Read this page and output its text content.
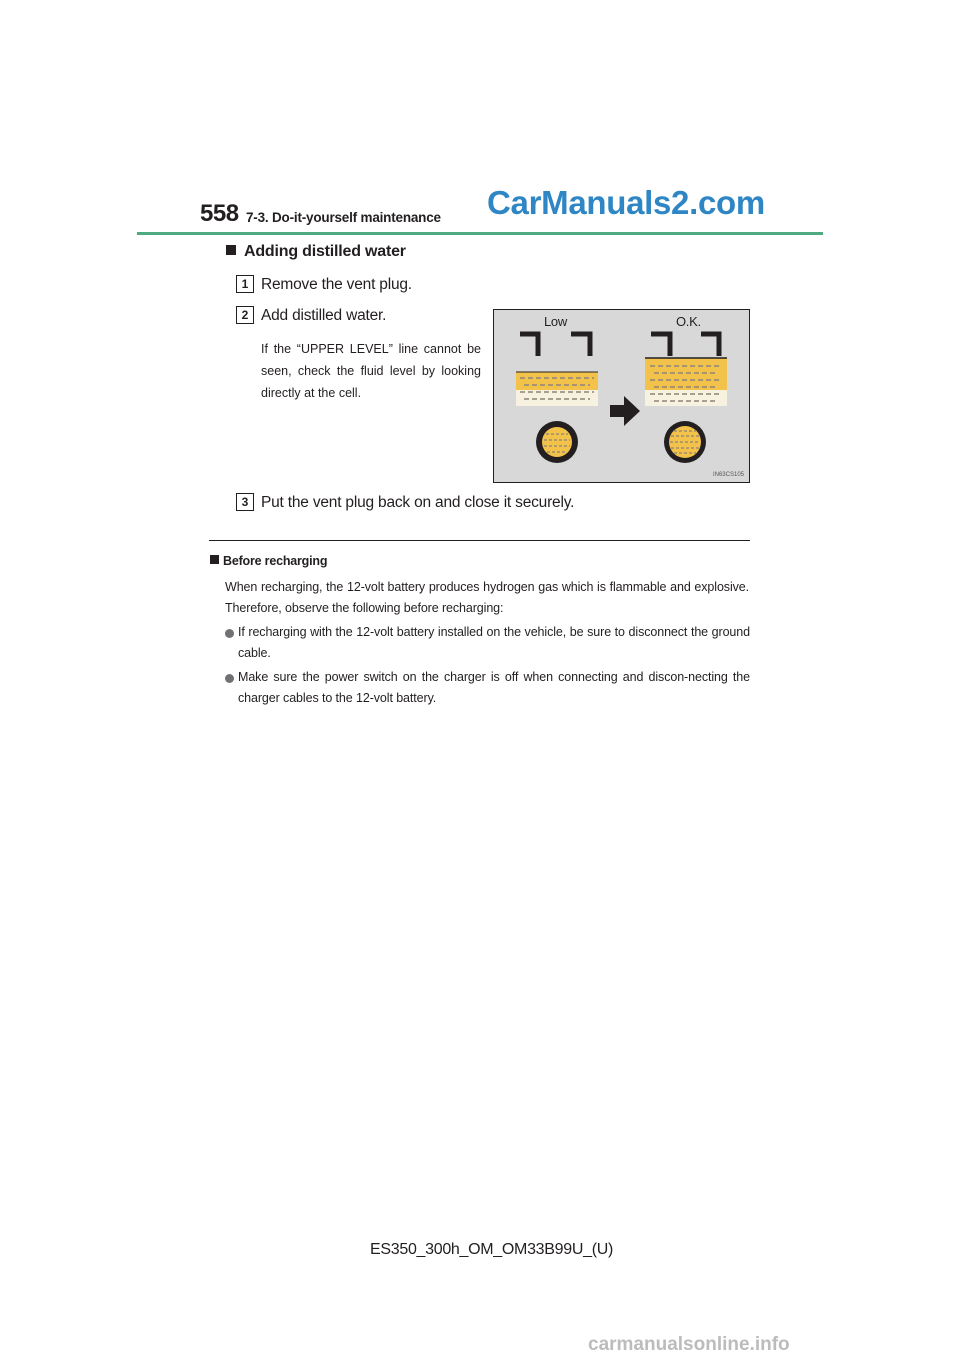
558 7-3. Do-it-yourself maintenance CarManuals2.com
Adding distilled water
1 Remove the vent plug.
2 Add distilled water.
If the “UPPER LEVEL” line cannot be seen, check the fluid level by looking directly at the cell.
3 Put the vent plug back on and close it securely.
Low	O.K.
IN63CS105
Before recharging
When recharging, the 12-volt battery produces hydrogen gas which is flammable and explosive. Therefore, observe the following before recharging:
If recharging with the 12-volt battery installed on the vehicle, be sure to disconnect the ground cable.
Make sure the power switch on the charger is off when connecting and discon-necting the charger cables to the 12-volt battery.
ES350_300h_OM_OM33B99U_(U)
carmanualsonline.info
